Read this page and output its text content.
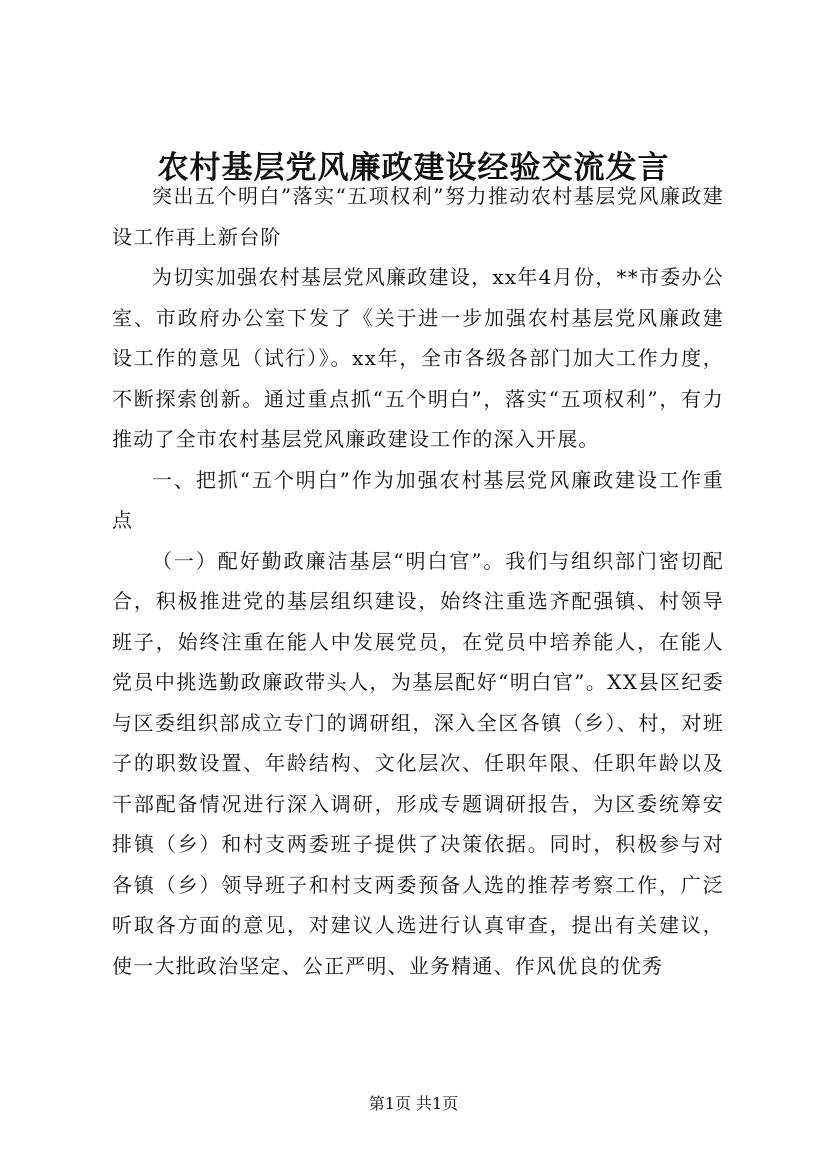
农村基层党风廉政建设经验交流发言

突出五个明白”落实“五项权利”努力推动农村基层党风廉政建设工作再上新台阶

为切实加强农村基层党风廉政建设，xx年4月份，**市委办公室、市政府办公室下发了《关于进一步加强农村基层党风廉政建设工作的意见（试行）》。xx年，全市各级各部门加大工作力度，不断探索创新。通过重点抓“五个明白”，落实“五项权利”，有力推动了全市农村基层党风廉政建设工作的深入开展。

一、把抓“五个明白”作为加强农村基层党风廉政建设工作重点

（一）配好勤政廉洁基层“明白官”。我们与组织部门密切配合，积极推进党的基层组织建设，始终注重选齐配强镇、村领导班子，始终注重在能人中发展党员，在党员中培养能人，在能人党员中挑选勤政廉政带头人，为基层配好“明白官”。XX县区纪委与区委组织部成立专门的调研组，深入全区各镇（乡）、村，对班子的职数设置、年龄结构、文化层次、任职年限、任职年龄以及干部配备情况进行深入调研，形成专题调研报告，为区委统筹安排镇（乡）和村支两委班子提供了决策依据。同时，积极参与对各镇（乡）领导班子和村支两委预备人选的推荐考察工作，广泛听取各方面的意见，对建议人选进行认真审查，提出有关建议，使一大批政治坚定、公正严明、业务精通、作风优良的优秀

第1页 共1页
